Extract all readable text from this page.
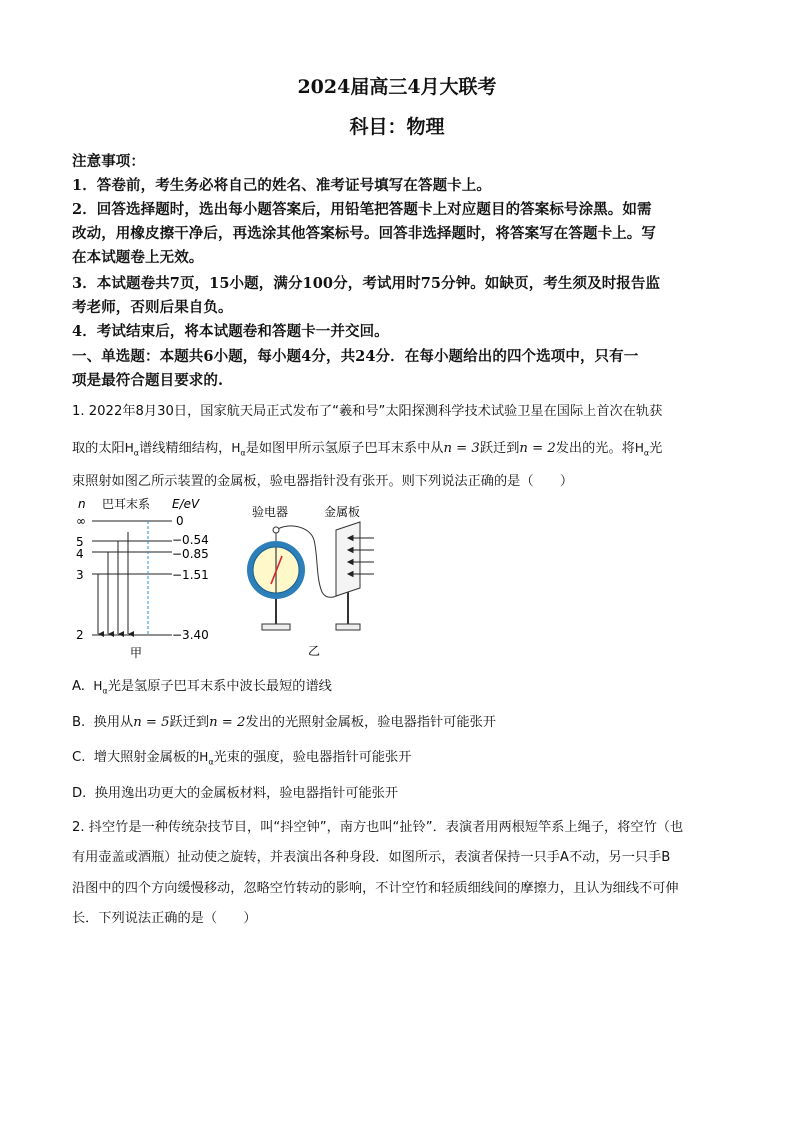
2024届高三4月大联考
科目：物理
注意事项：
1．答卷前，考生务必将自己的姓名、准考证号填写在答题卡上。
2．回答选择题时，选出每小题答案后，用铅笔把答题卡上对应题目的答案标号涂黑。如需
改动，用橡皮擦干净后，再选涂其他答案标号。回答非选择题时，将答案写在答题卡上。写
在本试题卷上无效。
3．本试题卷共7页，15小题，满分100分，考试用时75分钟。如缺页，考生须及时报告监
考老师，否则后果自负。
4．考试结束后，将本试题卷和答题卡一并交回。
一、单选题：本题共6小题，每小题4分，共24分．在每小题给出的四个选项中，只有一
项是最符合题目要求的.
1. 2022年8月30日，国家航天局正式发布了“羲和号”太阳探测科学技术试验卫星在国际上首次在轨获
取的太阳$H_\alpha$谱线精细结构，$H_\alpha$是如图甲所示氢原子巴耳末系中从n = 3跃迁到n = 2发出的光。将$H_\alpha$光
束照射如图乙所示装置的金属板，验电器指针没有张开。则下列说法正确的是（　　）
n 巴耳末系 E/eV
∞	0
5	−0.54
4	−0.85
3	−1.51
2	−3.40
甲
验电器	金属板
乙
A. $H_\alpha$光是氢原子巴耳末系中波长最短的谱线
B. 换用从n = 5跃迁到n = 2发出的光照射金属板，验电器指针可能张开
C. 增大照射金属板的$H_\alpha$光束的强度，验电器指针可能张开
D. 换用逸出功更大的金属板材料，验电器指针可能张开
2. 抖空竹是一种传统杂技节目，叫“抖空钟”，南方也叫“扯铃”．表演者用两根短竿系上绳子，将空竹（也
有用壶盖或酒瓶）扯动使之旋转，并表演出各种身段．如图所示，表演者保持一只手A不动，另一只手B
沿图中的四个方向缓慢移动，忽略空竹转动的影响，不计空竹和轻质细线间的摩擦力，且认为细线不可伸
长．下列说法正确的是（　　）
